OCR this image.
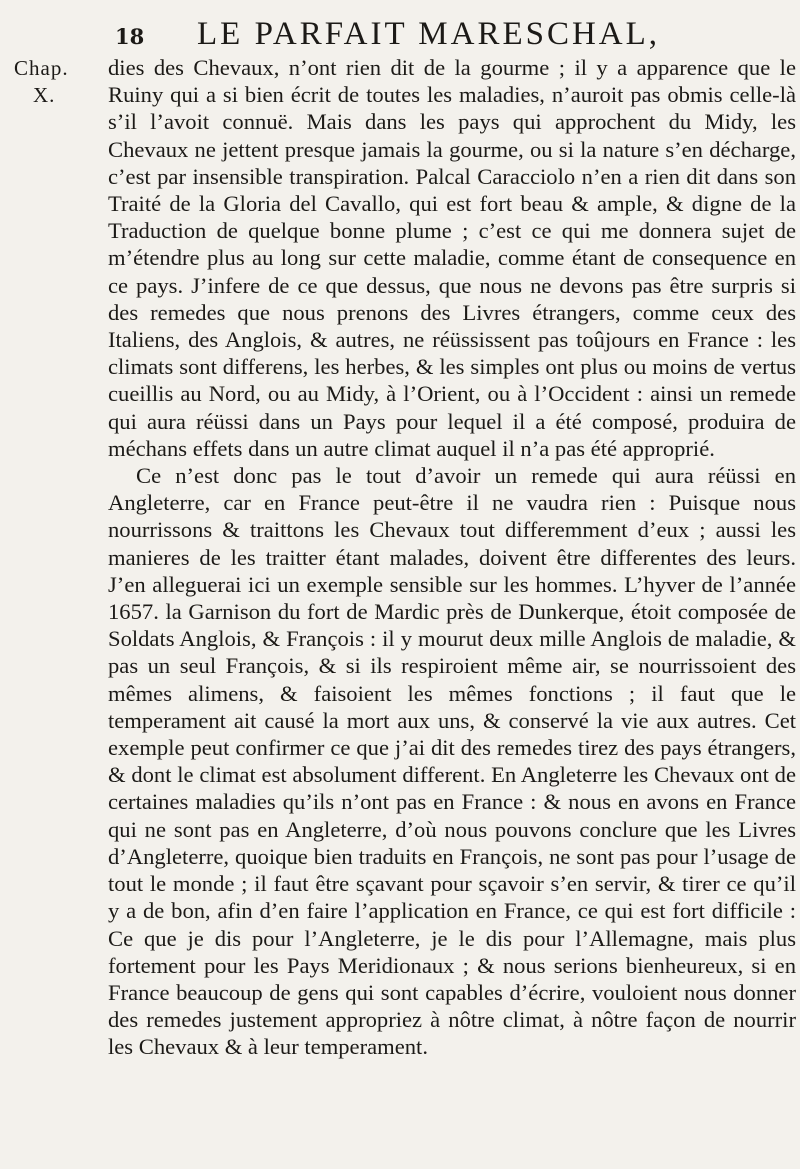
18 LE PARFAIT MARESCHAL,
Chap.
X.

dies des Chevaux, n’ont rien dit de la gourme ; il y a apparence que le Ruiny qui a si bien écrit de toutes les maladies, n’auroit pas obmis celle-là s’il l’avoit connuë. Mais dans les pays qui approchent du Midy, les Chevaux ne jettent presque jamais la gourme, ou si la nature s’en décharge, c’est par insensible transpiration. Palcal Caracciolo n’en a rien dit dans son Traité de la Gloria del Cavallo, qui est fort beau & ample, & digne de la Traduction de quelque bonne plume ; c’est ce qui me donnera sujet de m’étendre plus au long sur cette maladie, comme étant de consequence en ce pays. J’infere de ce que dessus, que nous ne devons pas être surpris si des remedes que nous prenons des Livres étrangers, comme ceux des Italiens, des Anglois, & autres, ne réüssissent pas toûjours en France : les climats sont differens, les herbes, & les simples ont plus ou moins de vertus cueillis au Nord, ou au Midy, à l’Orient, ou à l’Occident : ainsi un remede qui aura réüssi dans un Pays pour lequel il a été composé, produira de méchans effets dans un autre climat auquel il n’a pas été approprié.

Ce n’est donc pas le tout d’avoir un remede qui aura réüssi en Angleterre, car en France peut-être il ne vaudra rien : Puisque nous nourrissons & traittons les Chevaux tout differemment d’eux ; aussi les manieres de les traitter étant malades, doivent être differentes des leurs. J’en alleguerai ici un exemple sensible sur les hommes. L’hyver de l’année 1657. la Garnison du fort de Mardic près de Dunkerque, étoit composée de Soldats Anglois, & François : il y mourut deux mille Anglois de maladie, & pas un seul François, & si ils respiroient même air, se nourrissoient des mêmes alimens, & faisoient les mêmes fonctions ; il faut que le temperament ait causé la mort aux uns, & conservé la vie aux autres. Cet exemple peut confirmer ce que j’ai dit des remedes tirez des pays étrangers, & dont le climat est absolument different. En Angleterre les Chevaux ont de certaines maladies qu’ils n’ont pas en France : & nous en avons en France qui ne sont pas en Angleterre, d’où nous pouvons conclure que les Livres d’Angleterre, quoique bien traduits en François, ne sont pas pour l’usage de tout le monde ; il faut être sçavant pour sçavoir s’en servir, & tirer ce qu’il y a de bon, afin d’en faire l’application en France, ce qui est fort difficile : Ce que je dis pour l’Angleterre, je le dis pour l’Allemagne, mais plus fortement pour les Pays Meridionaux ; & nous serions bienheureux, si en France beaucoup de gens qui sont capables d’écrire, vouloient nous donner des remedes justement appropriez à nôtre climat, à nôtre façon de nourrir les Chevaux & à leur temperament.
